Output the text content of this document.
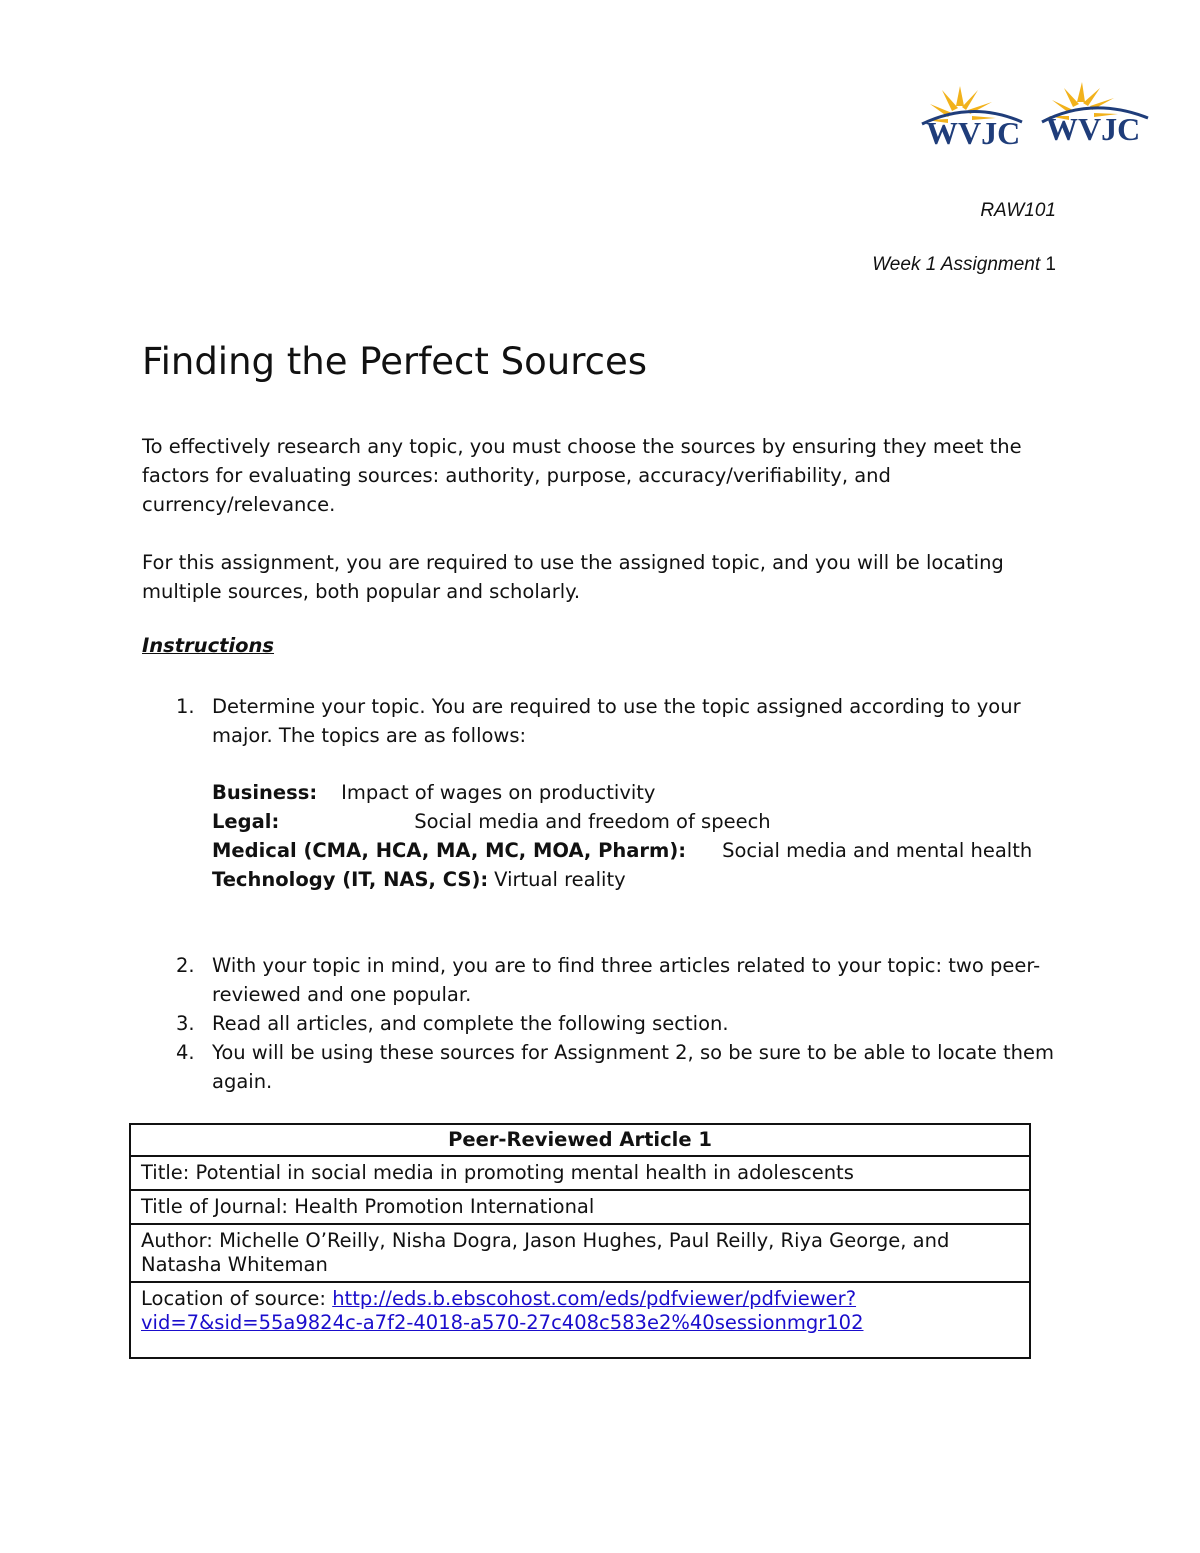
WVJC WVJC
RAW101
Week 1 Assignment 1
Finding the Perfect Sources

To effectively research any topic, you must choose the sources by ensuring they meet the factors for evaluating sources: authority, purpose, accuracy/verifiability, and currency/relevance.

For this assignment, you are required to use the assigned topic, and you will be locating multiple sources, both popular and scholarly.

Instructions
1. Determine your topic. You are required to use the topic assigned according to your major. The topics are as follows:

Business: Impact of wages on productivity

Legal:	Social media and freedom of speech

Medical (CMA, HCA, MA, MC, MOA, Pharm): Social media and mental health

Technology (IT, NAS, CS): Virtual reality

2. With your topic in mind, you are to find three articles related to your topic: two peer-reviewed and one popular.
3. Read all articles, and complete the following section.
4. You will be using these sources for Assignment 2, so be sure to be able to locate them again.
Peer-Reviewed Article 1
Title: Potential in social media in promoting mental health in adolescents
Title of Journal: Health Promotion International
Author: Michelle O’Reilly, Nisha Dogra, Jason Hughes, Paul Reilly, Riya George, and Natasha Whiteman
Location of source: http://eds.b.ebscohost.com/eds/pdfviewer/pdfviewer?vid=7&sid=55a9824c-a7f2-4018-a570-27c408c583e2%40sessionmgr102
